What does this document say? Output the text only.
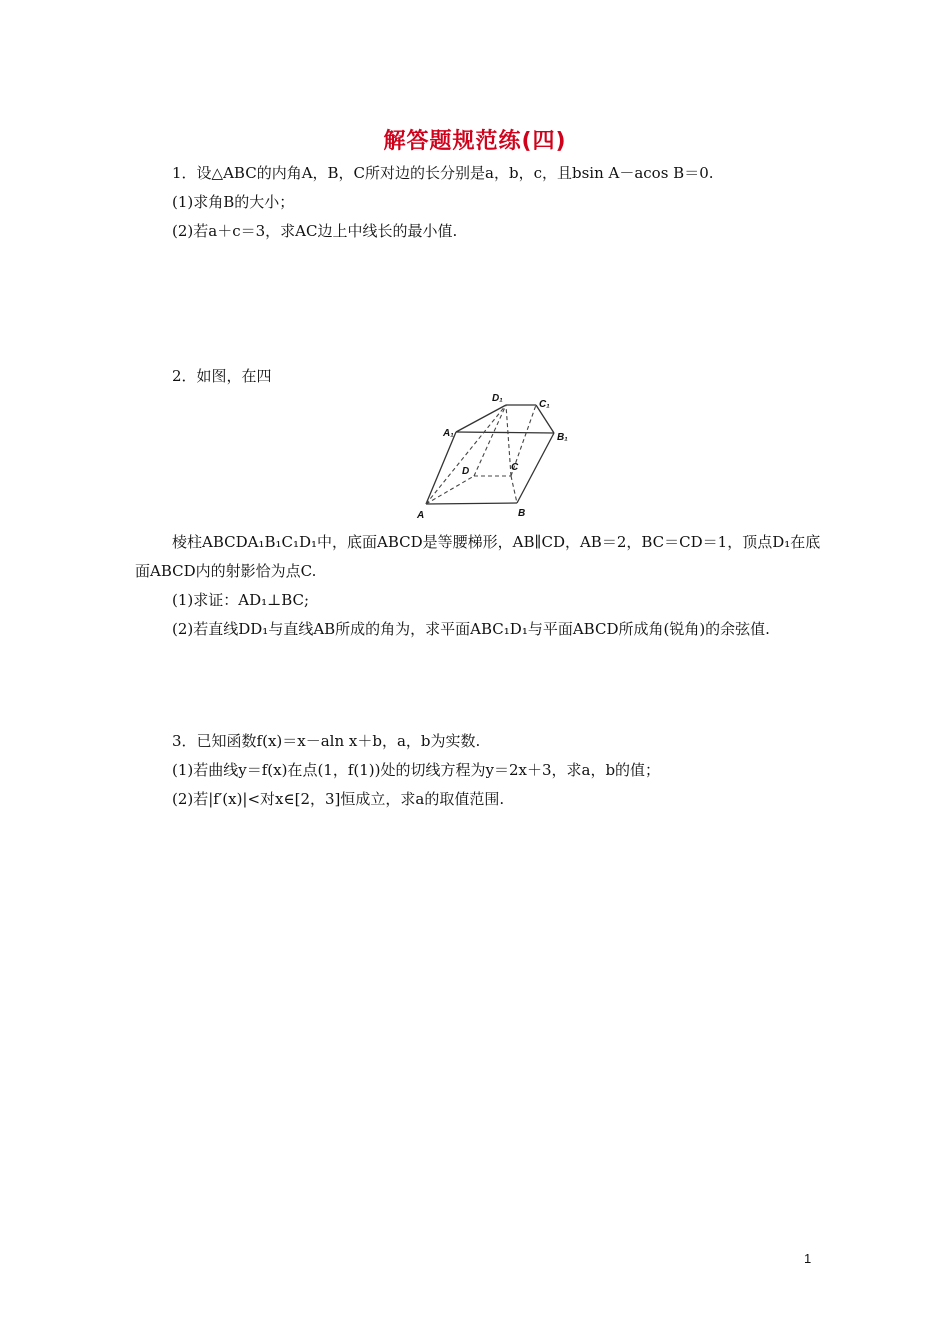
解答题规范练(四)
1．设△ABC的内角A，B，C所对边的长分别是a，b，c，且bsin A－acos B＝0.
(1)求角B的大小；
(2)若a＋c＝3，求AC边上中线长的最小值.
2．如图，在四
A₁	B₁
C₁
D₁
A	B
C
D
棱柱ABCDA₁B₁C₁D₁中，底面ABCD是等腰梯形，AB∥CD，AB＝2，BC＝CD＝1，顶点D₁在底
面ABCD内的射影恰为点C.
(1)求证：AD₁⊥BC;
(2)若直线DD₁与直线AB所成的角为，求平面ABC₁D₁与平面ABCD所成角(锐角)的余弦值.
3．已知函数f(x)＝x－aln x＋b，a，b为实数.
(1)若曲线y＝f(x)在点(1，f(1))处的切线方程为y＝2x＋3，求a，b的值；
(2)若|f′(x)|<对x∈[2，3]恒成立，求a的取值范围.
1
